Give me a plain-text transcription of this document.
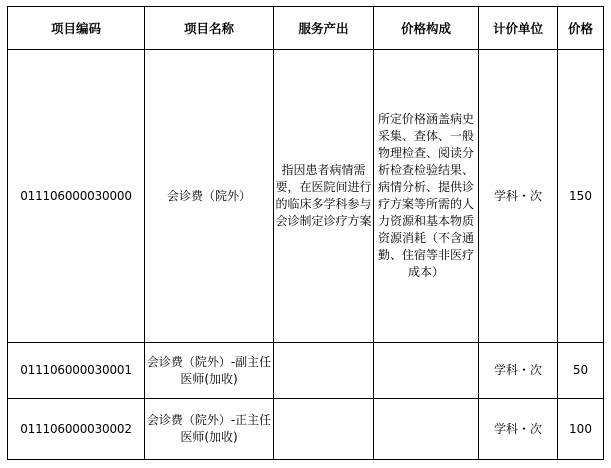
项目编码	项目名称	服务产出	价格构成	计价单位	价格
011106000030000	会诊费（院外）	指因患者病情需要，在医院间进行的临床多学科参与会诊制定诊疗方案	所定价格涵盖病史采集、查体、一般物理检查、阅读分析检查检验结果、病情分析、提供诊疗方案等所需的人力资源和基本物质资源消耗（不含通勤、住宿等非医疗成本）	学科・次	150
011106000030001	会诊费（院外）-副主任医师(加收)			学科・次	50
011106000030002	会诊费（院外）-正主任医师(加收)			学科・次	100
